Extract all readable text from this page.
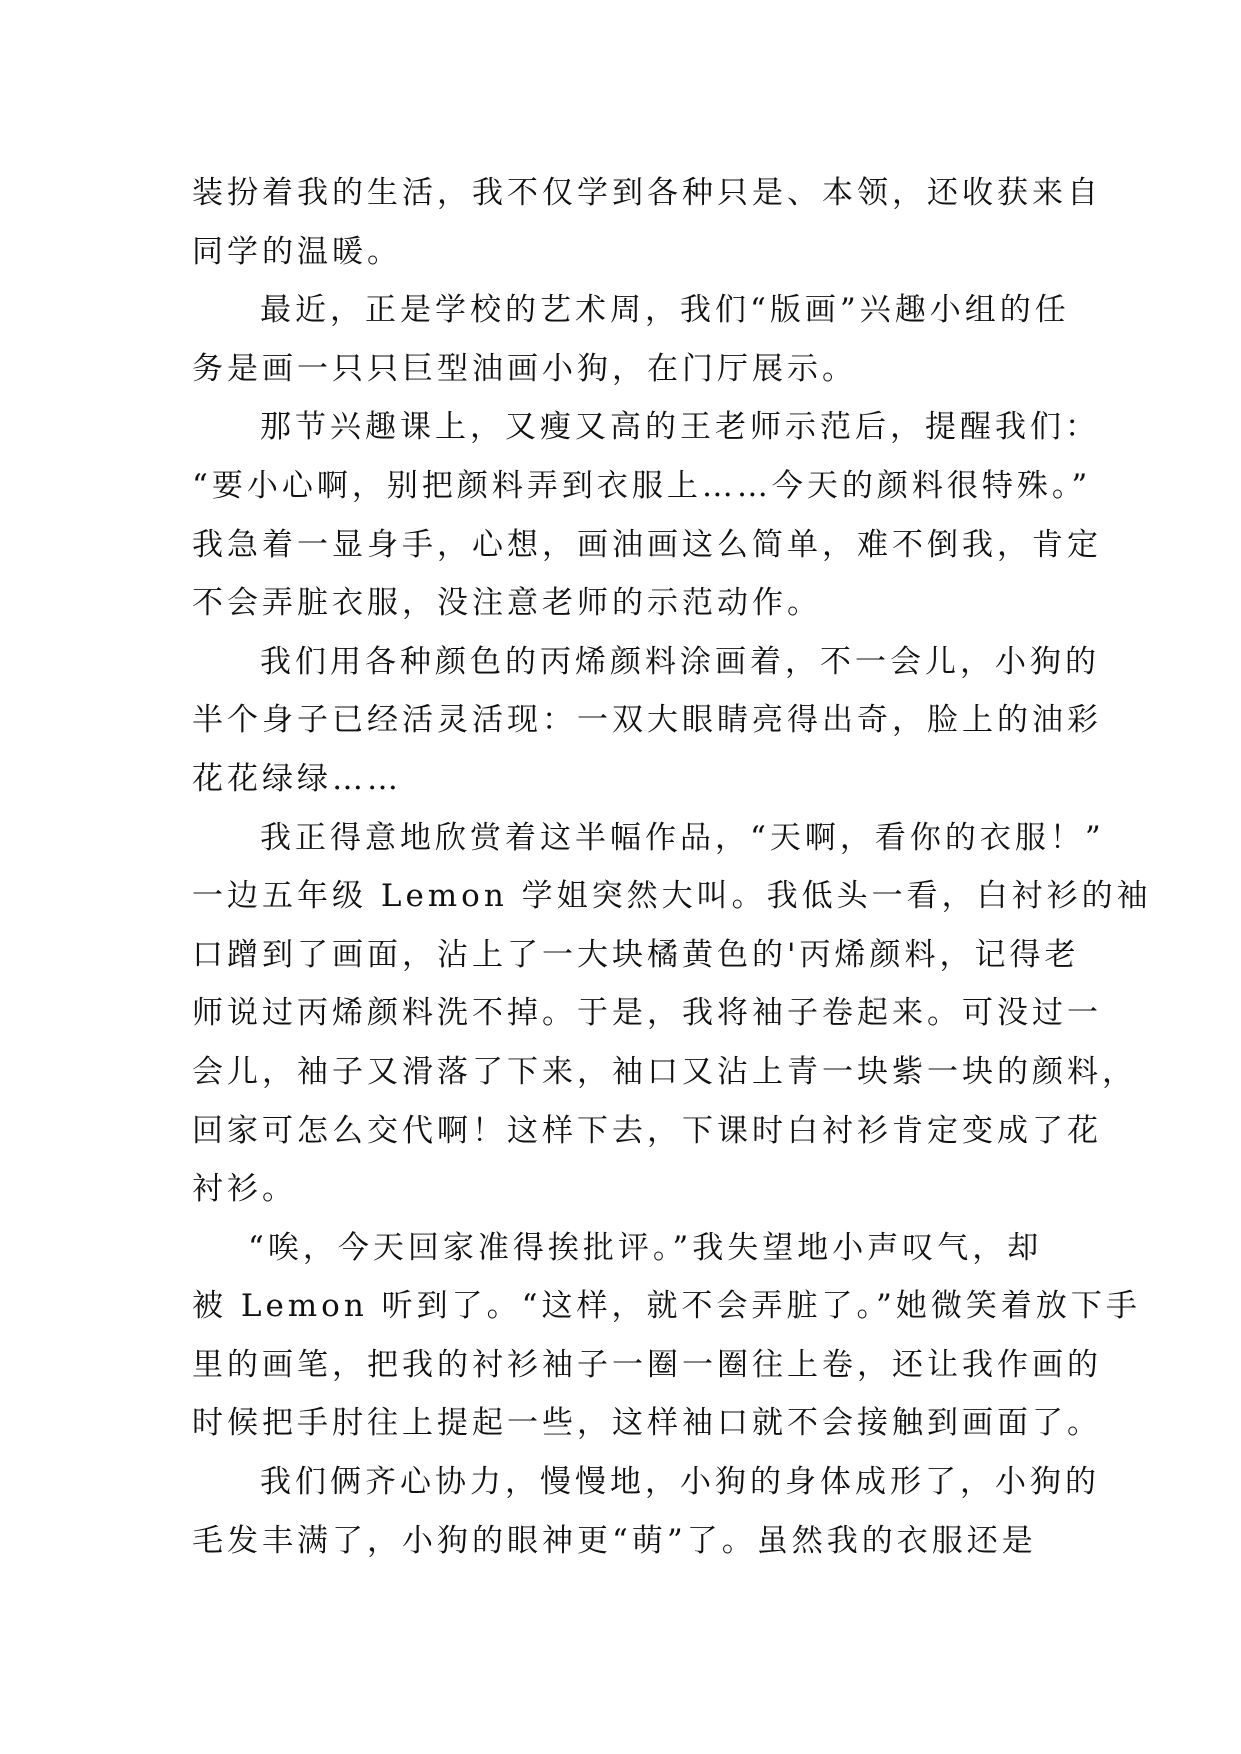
装扮着我的生活，我不仅学到各种只是、本领，还收获来自
同学的温暖。
最近，正是学校的艺术周，我们“版画”兴趣小组的任
务是画一只只巨型油画小狗，在门厅展示。
那节兴趣课上，又瘦又高的王老师示范后，提醒我们：
“要小心啊，别把颜料弄到衣服上……今天的颜料很特殊。”
我急着一显身手，心想，画油画这么简单，难不倒我，肯定
不会弄脏衣服，没注意老师的示范动作。
我们用各种颜色的丙烯颜料涂画着，不一会儿，小狗的
半个身子已经活灵活现：一双大眼睛亮得出奇，脸上的油彩
花花绿绿……
我正得意地欣赏着这半幅作品，“天啊，看你的衣服！”
一边五年级 Lemon 学姐突然大叫。我低头一看，白衬衫的袖
口蹭到了画面，沾上了一大块橘黄色的'丙烯颜料，记得老
师说过丙烯颜料洗不掉。于是，我将袖子卷起来。可没过一
会儿，袖子又滑落了下来，袖口又沾上青一块紫一块的颜料，
回家可怎么交代啊！这样下去，下课时白衬衫肯定变成了花
衬衫。
“唉，今天回家准得挨批评。”我失望地小声叹气，却
被 Lemon 听到了。“这样，就不会弄脏了。”她微笑着放下手
里的画笔，把我的衬衫袖子一圈一圈往上卷，还让我作画的
时候把手肘往上提起一些，这样袖口就不会接触到画面了。
我们俩齐心协力，慢慢地，小狗的身体成形了，小狗的
毛发丰满了，小狗的眼神更“萌”了。虽然我的衣服还是
